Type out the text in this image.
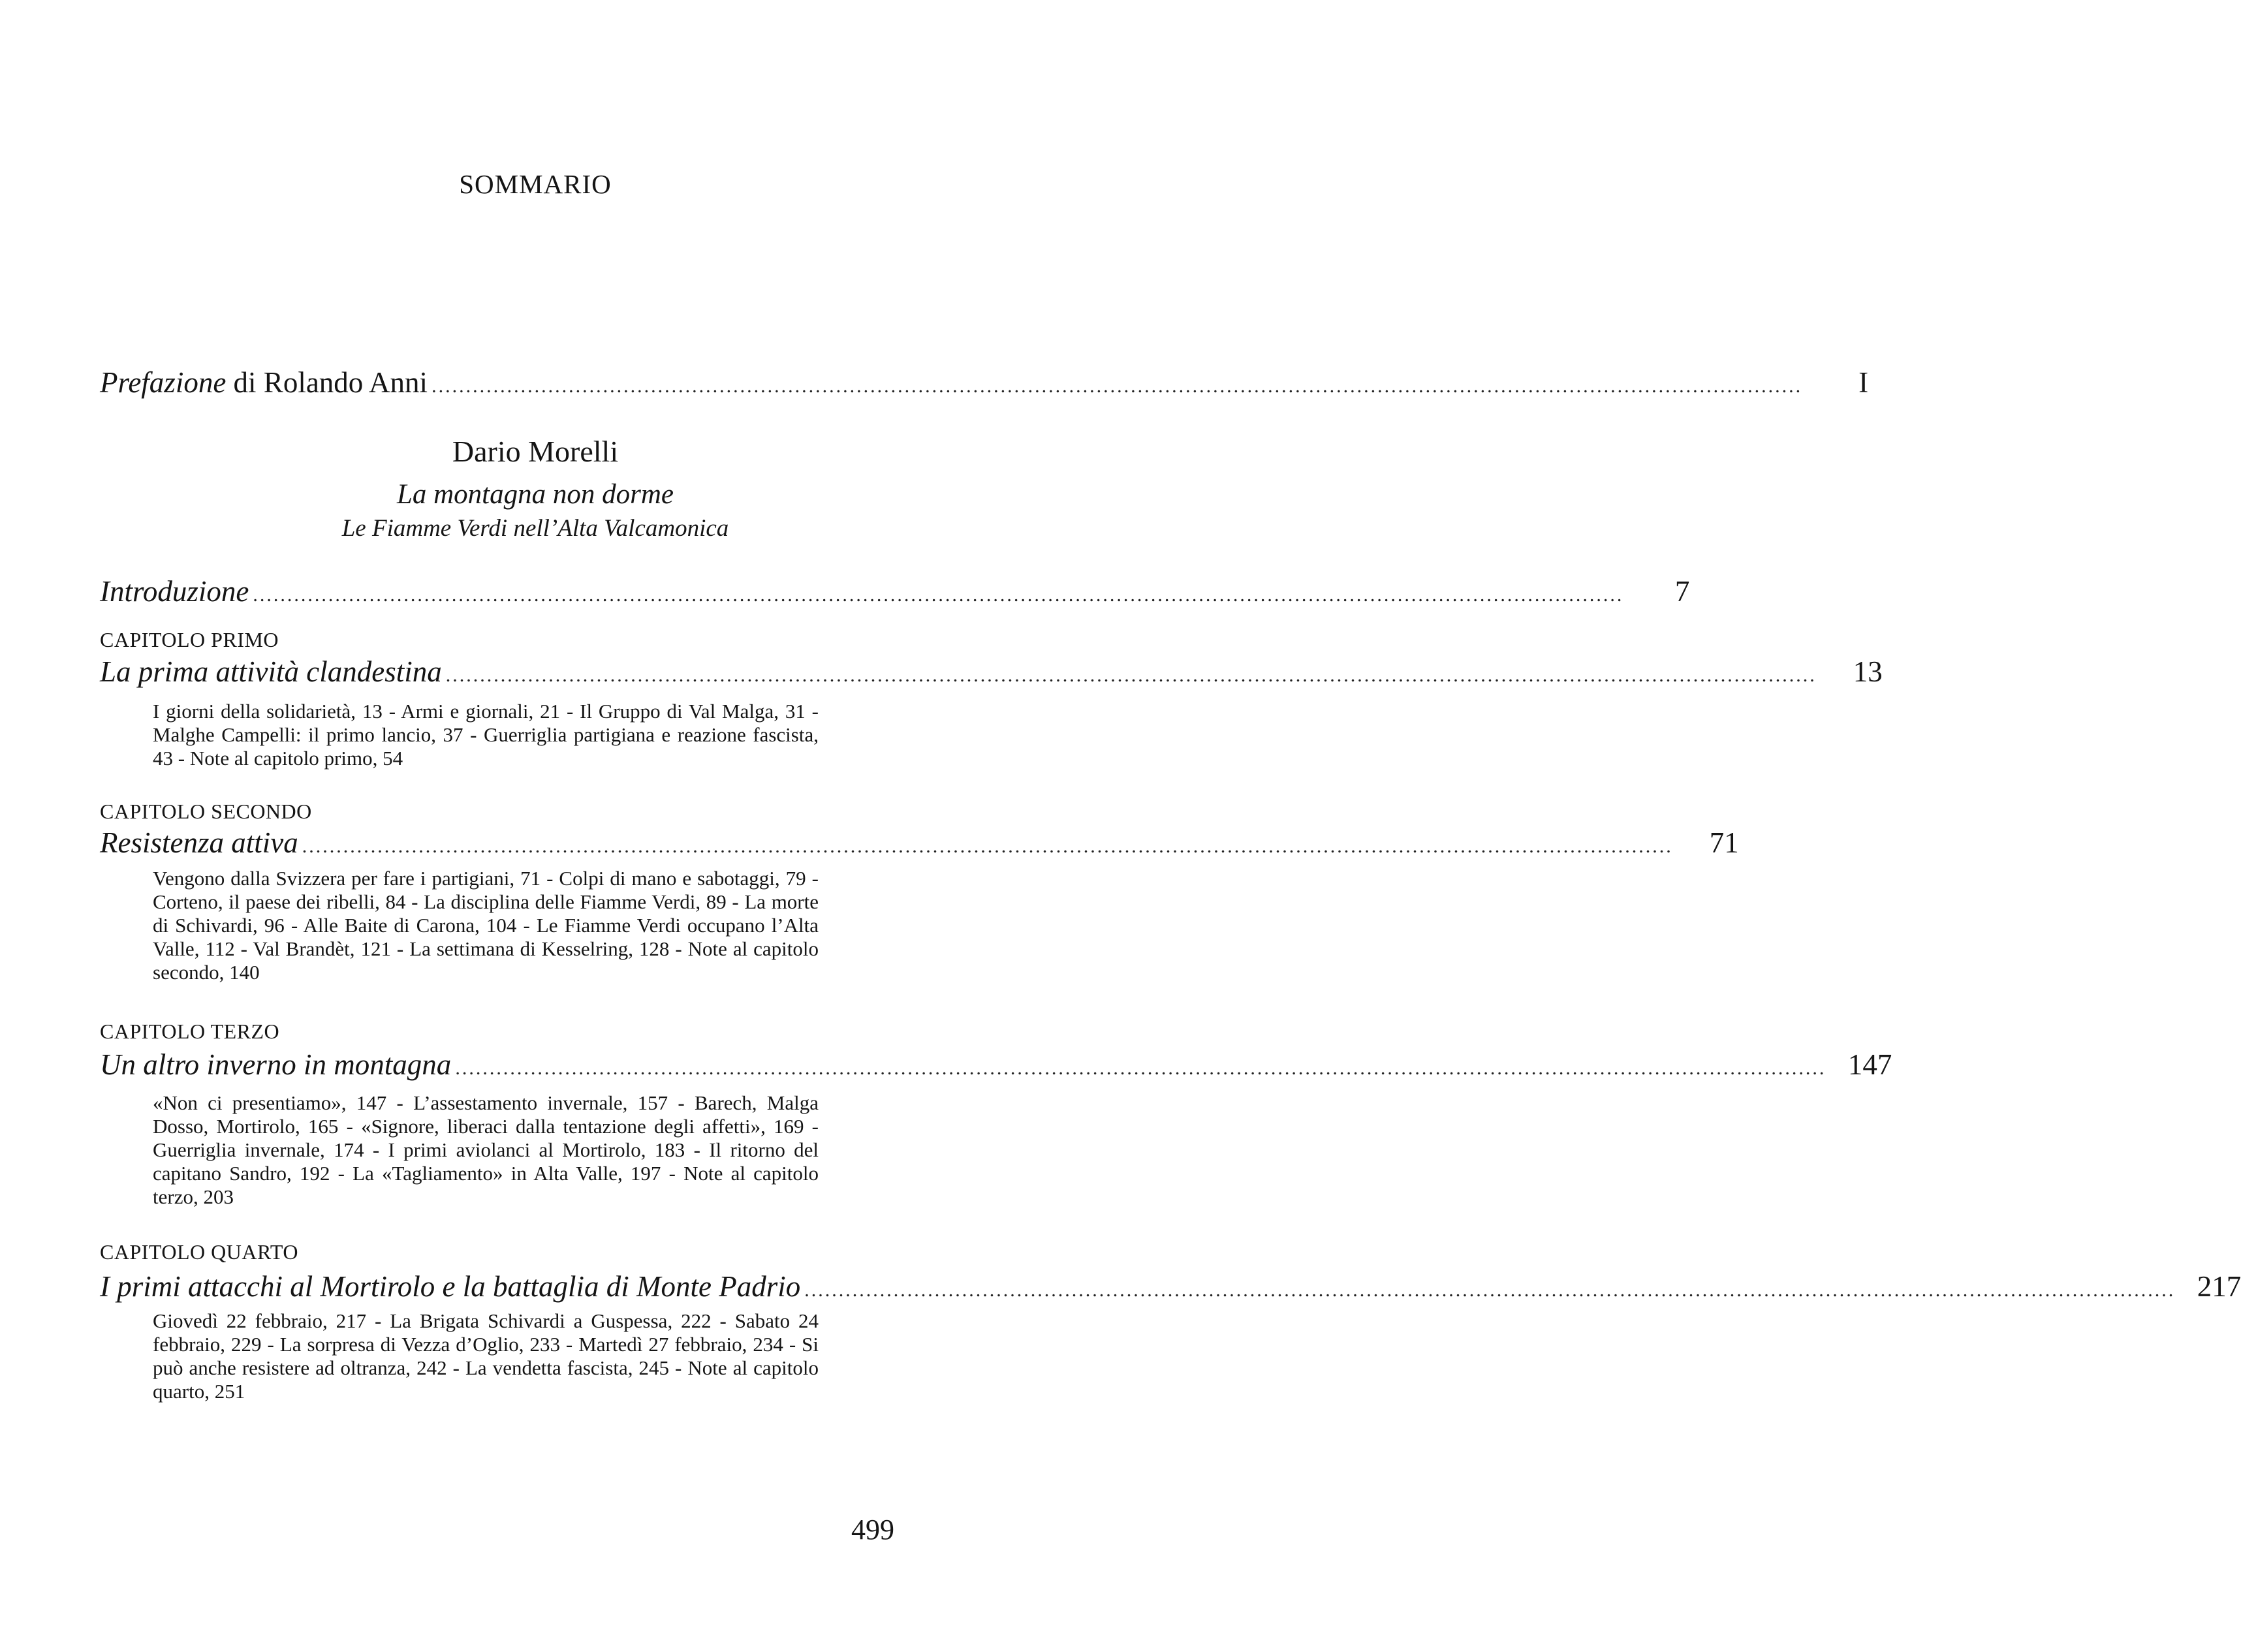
SOMMARIO
Prefazione di Rolando Anni ........................................................................................................................................................................................................	I
Dario Morelli
La montagna non dorme
Le Fiamme Verdi nell’Alta Valcamonica
Introduzione ........................................................................................................................................................................................................	7
CAPITOLO PRIMO
La prima attività clandestina ........................................................................................................................................................................................................	13
I giorni della solidarietà, 13 - Armi e giornali, 21 - Il Gruppo di Val Malga, 31 - Malghe Campelli: il primo lancio, 37 - Guerriglia partigiana e reazione fascista, 43 - Note al capitolo primo, 54
CAPITOLO SECONDO
Resistenza attiva ........................................................................................................................................................................................................	71
Vengono dalla Svizzera per fare i partigiani, 71 - Colpi di mano e sabotaggi, 79 - Corteno, il paese dei ribelli, 84 - La disciplina delle Fiamme Verdi, 89 - La morte di Schivardi, 96 - Alle Baite di Carona, 104 - Le Fiamme Verdi occupano l’Alta Valle, 112 - Val Brandèt, 121 - La settimana di Kesselring, 128 - Note al capitolo secondo, 140
CAPITOLO TERZO
Un altro inverno in montagna ........................................................................................................................................................................................................ 147
«Non ci presentiamo», 147 - L’assestamento invernale, 157 - Barech, Malga Dosso, Mortirolo, 165 - «Signore, liberaci dalla tentazione degli affetti», 169 - Guerriglia invernale, 174 - I primi aviolanci al Mortirolo, 183 - Il ritorno del capitano Sandro, 192 - La «Tagliamento» in Alta Valle, 197 - Note al capitolo terzo, 203
CAPITOLO QUARTO
I primi attacchi al Mortirolo e la battaglia di Monte Padrio ........................................................................................................................................................................................................ 217
Giovedì 22 febbraio, 217 - La Brigata Schivardi a Guspessa, 222 - Sabato 24 febbraio, 229 - La sorpresa di Vezza d’Oglio, 233 - Martedì 27 febbraio, 234 - Si può anche resistere ad oltranza, 242 - La vendetta fascista, 245 - Note al capitolo quarto, 251
499
